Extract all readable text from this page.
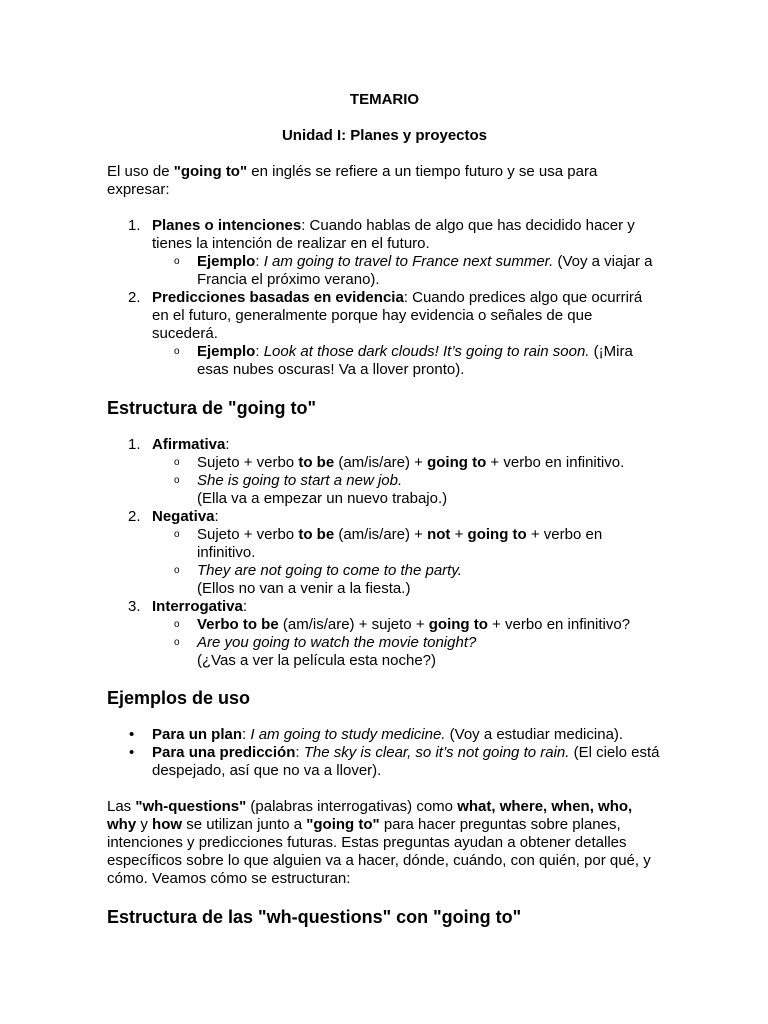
TEMARIO
Unidad I: Planes y proyectos

El uso de "going to" en inglés se refiere a un tiempo futuro y se usa para expresar:

1. Planes o intenciones: Cuando hablas de algo que has decidido hacer y tienes la intención de realizar en el futuro.

o Ejemplo: I am going to travel to France next summer. (Voy a viajar a Francia el próximo verano).

2. Predicciones basadas en evidencia: Cuando predices algo que ocurrirá en el futuro, generalmente porque hay evidencia o señales de que sucederá.

o Ejemplo: Look at those dark clouds! It’s going to rain soon. (¡Mira esas nubes oscuras! Va a llover pronto).

Estructura de "going to"
1. Afirmativa:

o Sujeto + verbo to be (am/is/are) + going to + verbo en infinitivo.

o She is going to start a new job.

(Ella va a empezar un nuevo trabajo.)

2. Negativa:

o Sujeto + verbo to be (am/is/are) + not + going to + verbo en infinitivo.

o They are not going to come to the party.

(Ellos no van a venir a la fiesta.)

3. Interrogativa:

o Verbo to be (am/is/are) + sujeto + going to + verbo en infinitivo?

o Are you going to watch the movie tonight?

(¿Vas a ver la película esta noche?)

Ejemplos de uso
• Para un plan: I am going to study medicine. (Voy a estudiar medicina).

• Para una predicción: The sky is clear, so it’s not going to rain. (El cielo está despejado, así que no va a llover).

Las "wh-questions" (palabras interrogativas) como what, where, when, who, why y how se utilizan junto a "going to" para hacer preguntas sobre planes, intenciones y predicciones futuras. Estas preguntas ayudan a obtener detalles específicos sobre lo que alguien va a hacer, dónde, cuándo, con quién, por qué, y cómo. Veamos cómo se estructuran:

Estructura de las "wh-questions" con "going to"
